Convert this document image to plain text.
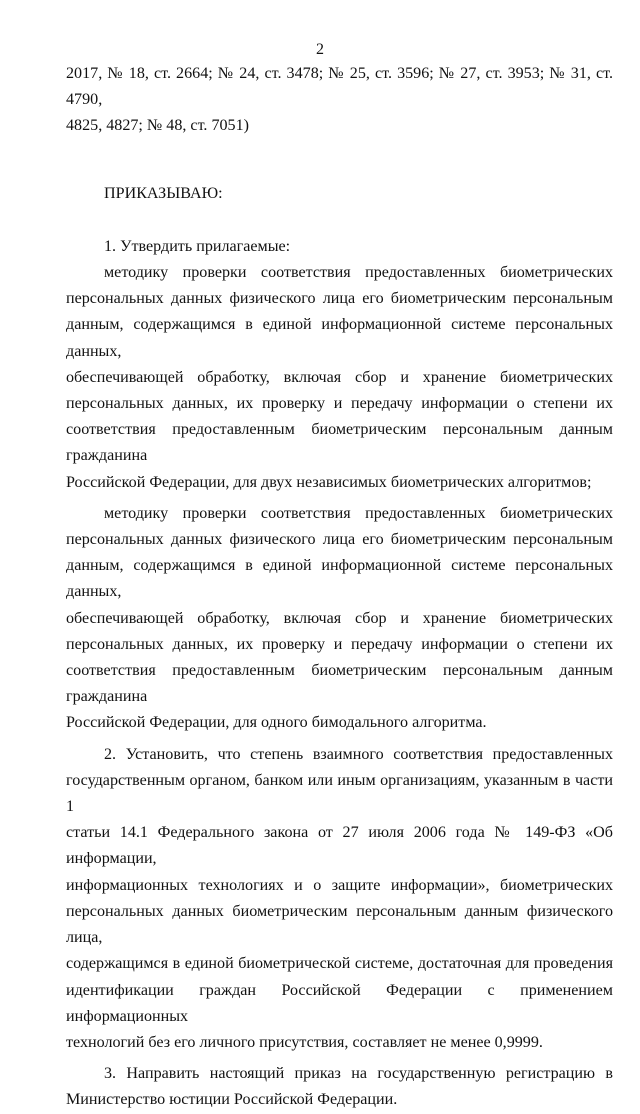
2
2017, № 18, ст. 2664; № 24, ст. 3478; № 25, ст. 3596; № 27, ст. 3953; № 31, ст. 4790,
4825, 4827; № 48, ст. 7051)
ПРИКАЗЫВАЮ:
1. Утвердить прилагаемые:
методику проверки соответствия предоставленных биометрических
персональных данных физического лица его биометрическим персональным
данным, содержащимся в единой информационной системе персональных данных,
обеспечивающей обработку, включая сбор и хранение биометрических
персональных данных, их проверку и передачу информации о степени их
соответствия предоставленным биометрическим персональным данным гражданина
Российской Федерации, для двух независимых биометрических алгоритмов;
методику проверки соответствия предоставленных биометрических
персональных данных физического лица его биометрическим персональным
данным, содержащимся в единой информационной системе персональных данных,
обеспечивающей обработку, включая сбор и хранение биометрических
персональных данных, их проверку и передачу информации о степени их
соответствия предоставленным биометрическим персональным данным гражданина
Российской Федерации, для одного бимодального алгоритма.
2. Установить, что степень взаимного соответствия предоставленных
государственным органом, банком или иным организациям, указанным в части 1
статьи 14.1 Федерального закона от 27 июля 2006 года № 149-ФЗ «Об информации,
информационных технологиях и о защите информации», биометрических
персональных данных биометрическим персональным данным физического лица,
содержащимся в единой биометрической системе, достаточная для проведения
идентификации граждан Российской Федерации с применением информационных
технологий без его личного присутствия, составляет не менее 0,9999.
3. Направить настоящий приказ на государственную регистрацию в
Министерство юстиции Российской Федерации.
